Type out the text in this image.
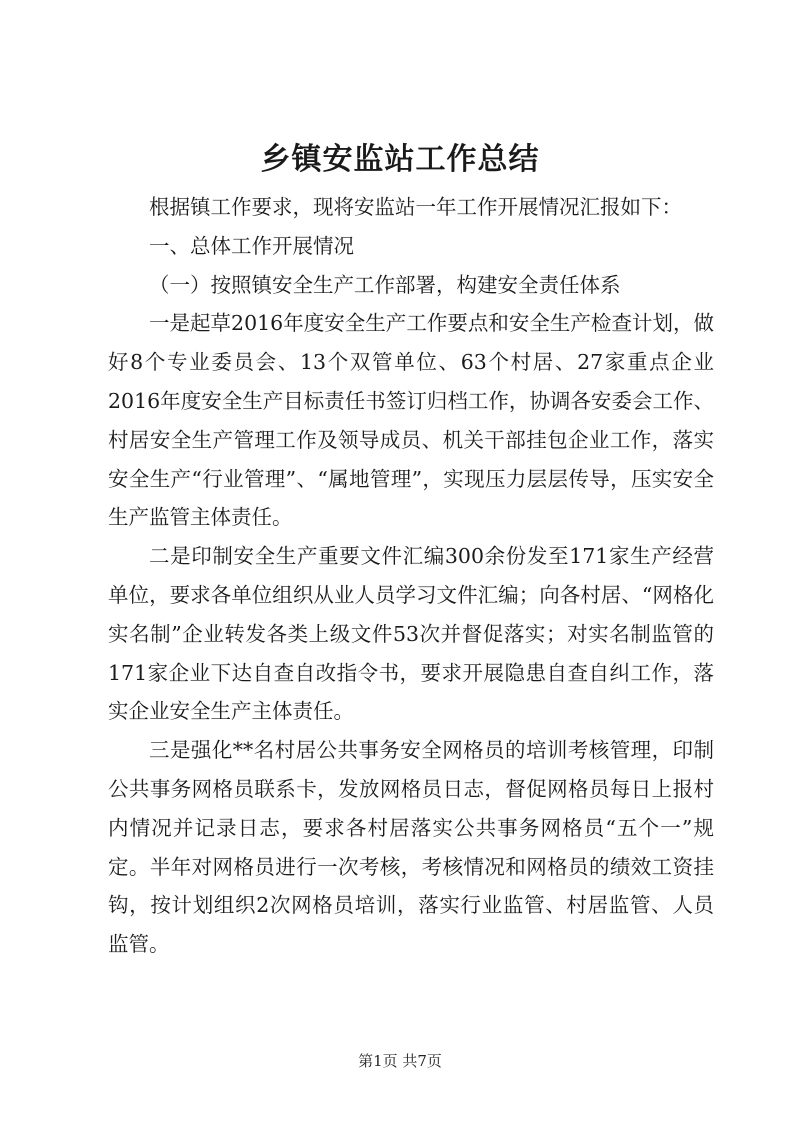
乡镇安监站工作总结

根据镇工作要求，现将安监站一年工作开展情况汇报如下：

一、总体工作开展情况

（一）按照镇安全生产工作部署，构建安全责任体系

一是起草2016年度安全生产工作要点和安全生产检查计划，做好8个专业委员会、13个双管单位、63个村居、27家重点企业2016年度安全生产目标责任书签订归档工作，协调各安委会工作、村居安全生产管理工作及领导成员、机关干部挂包企业工作，落实安全生产“行业管理”、“属地管理”，实现压力层层传导，压实安全生产监管主体责任。

二是印制安全生产重要文件汇编300余份发至171家生产经营单位，要求各单位组织从业人员学习文件汇编；向各村居、“网格化实名制”企业转发各类上级文件53次并督促落实；对实名制监管的171家企业下达自查自改指令书，要求开展隐患自查自纠工作，落实企业安全生产主体责任。

三是强化**名村居公共事务安全网格员的培训考核管理，印制公共事务网格员联系卡，发放网格员日志，督促网格员每日上报村内情况并记录日志，要求各村居落实公共事务网格员“五个一”规定。半年对网格员进行一次考核，考核情况和网格员的绩效工资挂钩，按计划组织2次网格员培训，落实行业监管、村居监管、人员监管。

第1页 共7页
